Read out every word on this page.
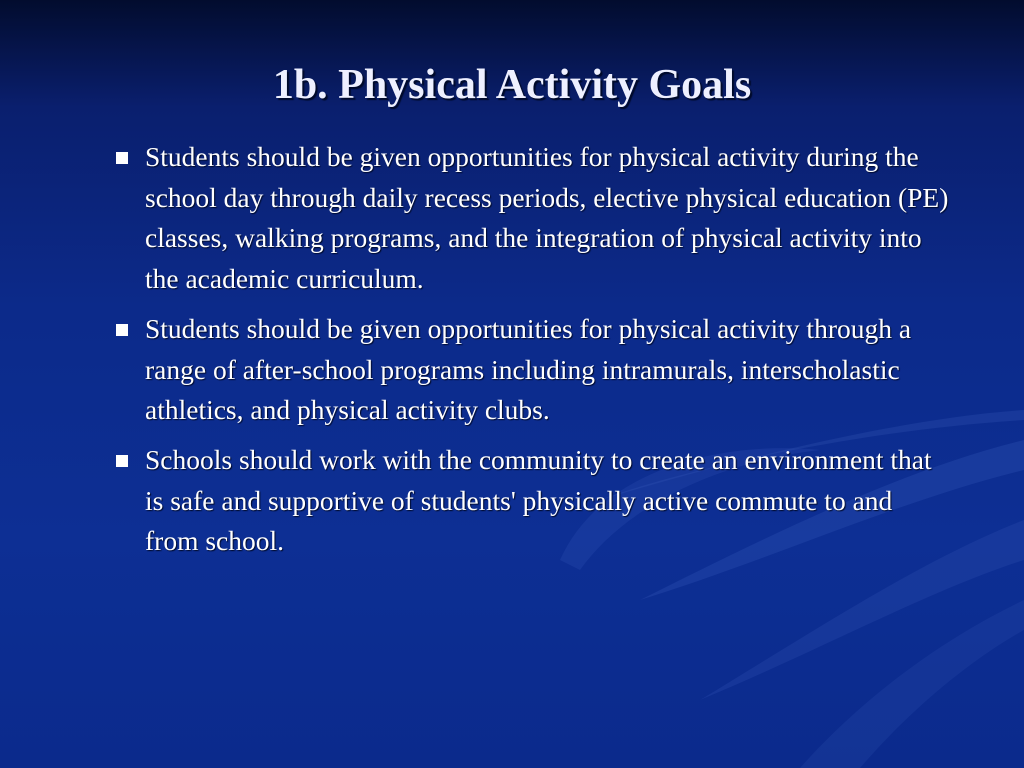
1b. Physical Activity Goals
Students should be given opportunities for physical activity during the school day through daily recess periods, elective physical education (PE) classes, walking programs, and the integration of physical activity into the academic curriculum.
Students should be given opportunities for physical activity through a range of after-school programs including intramurals, interscholastic athletics, and physical activity clubs.
Schools should work with the community to create an environment that is safe and supportive of students' physically active commute to and from school.
